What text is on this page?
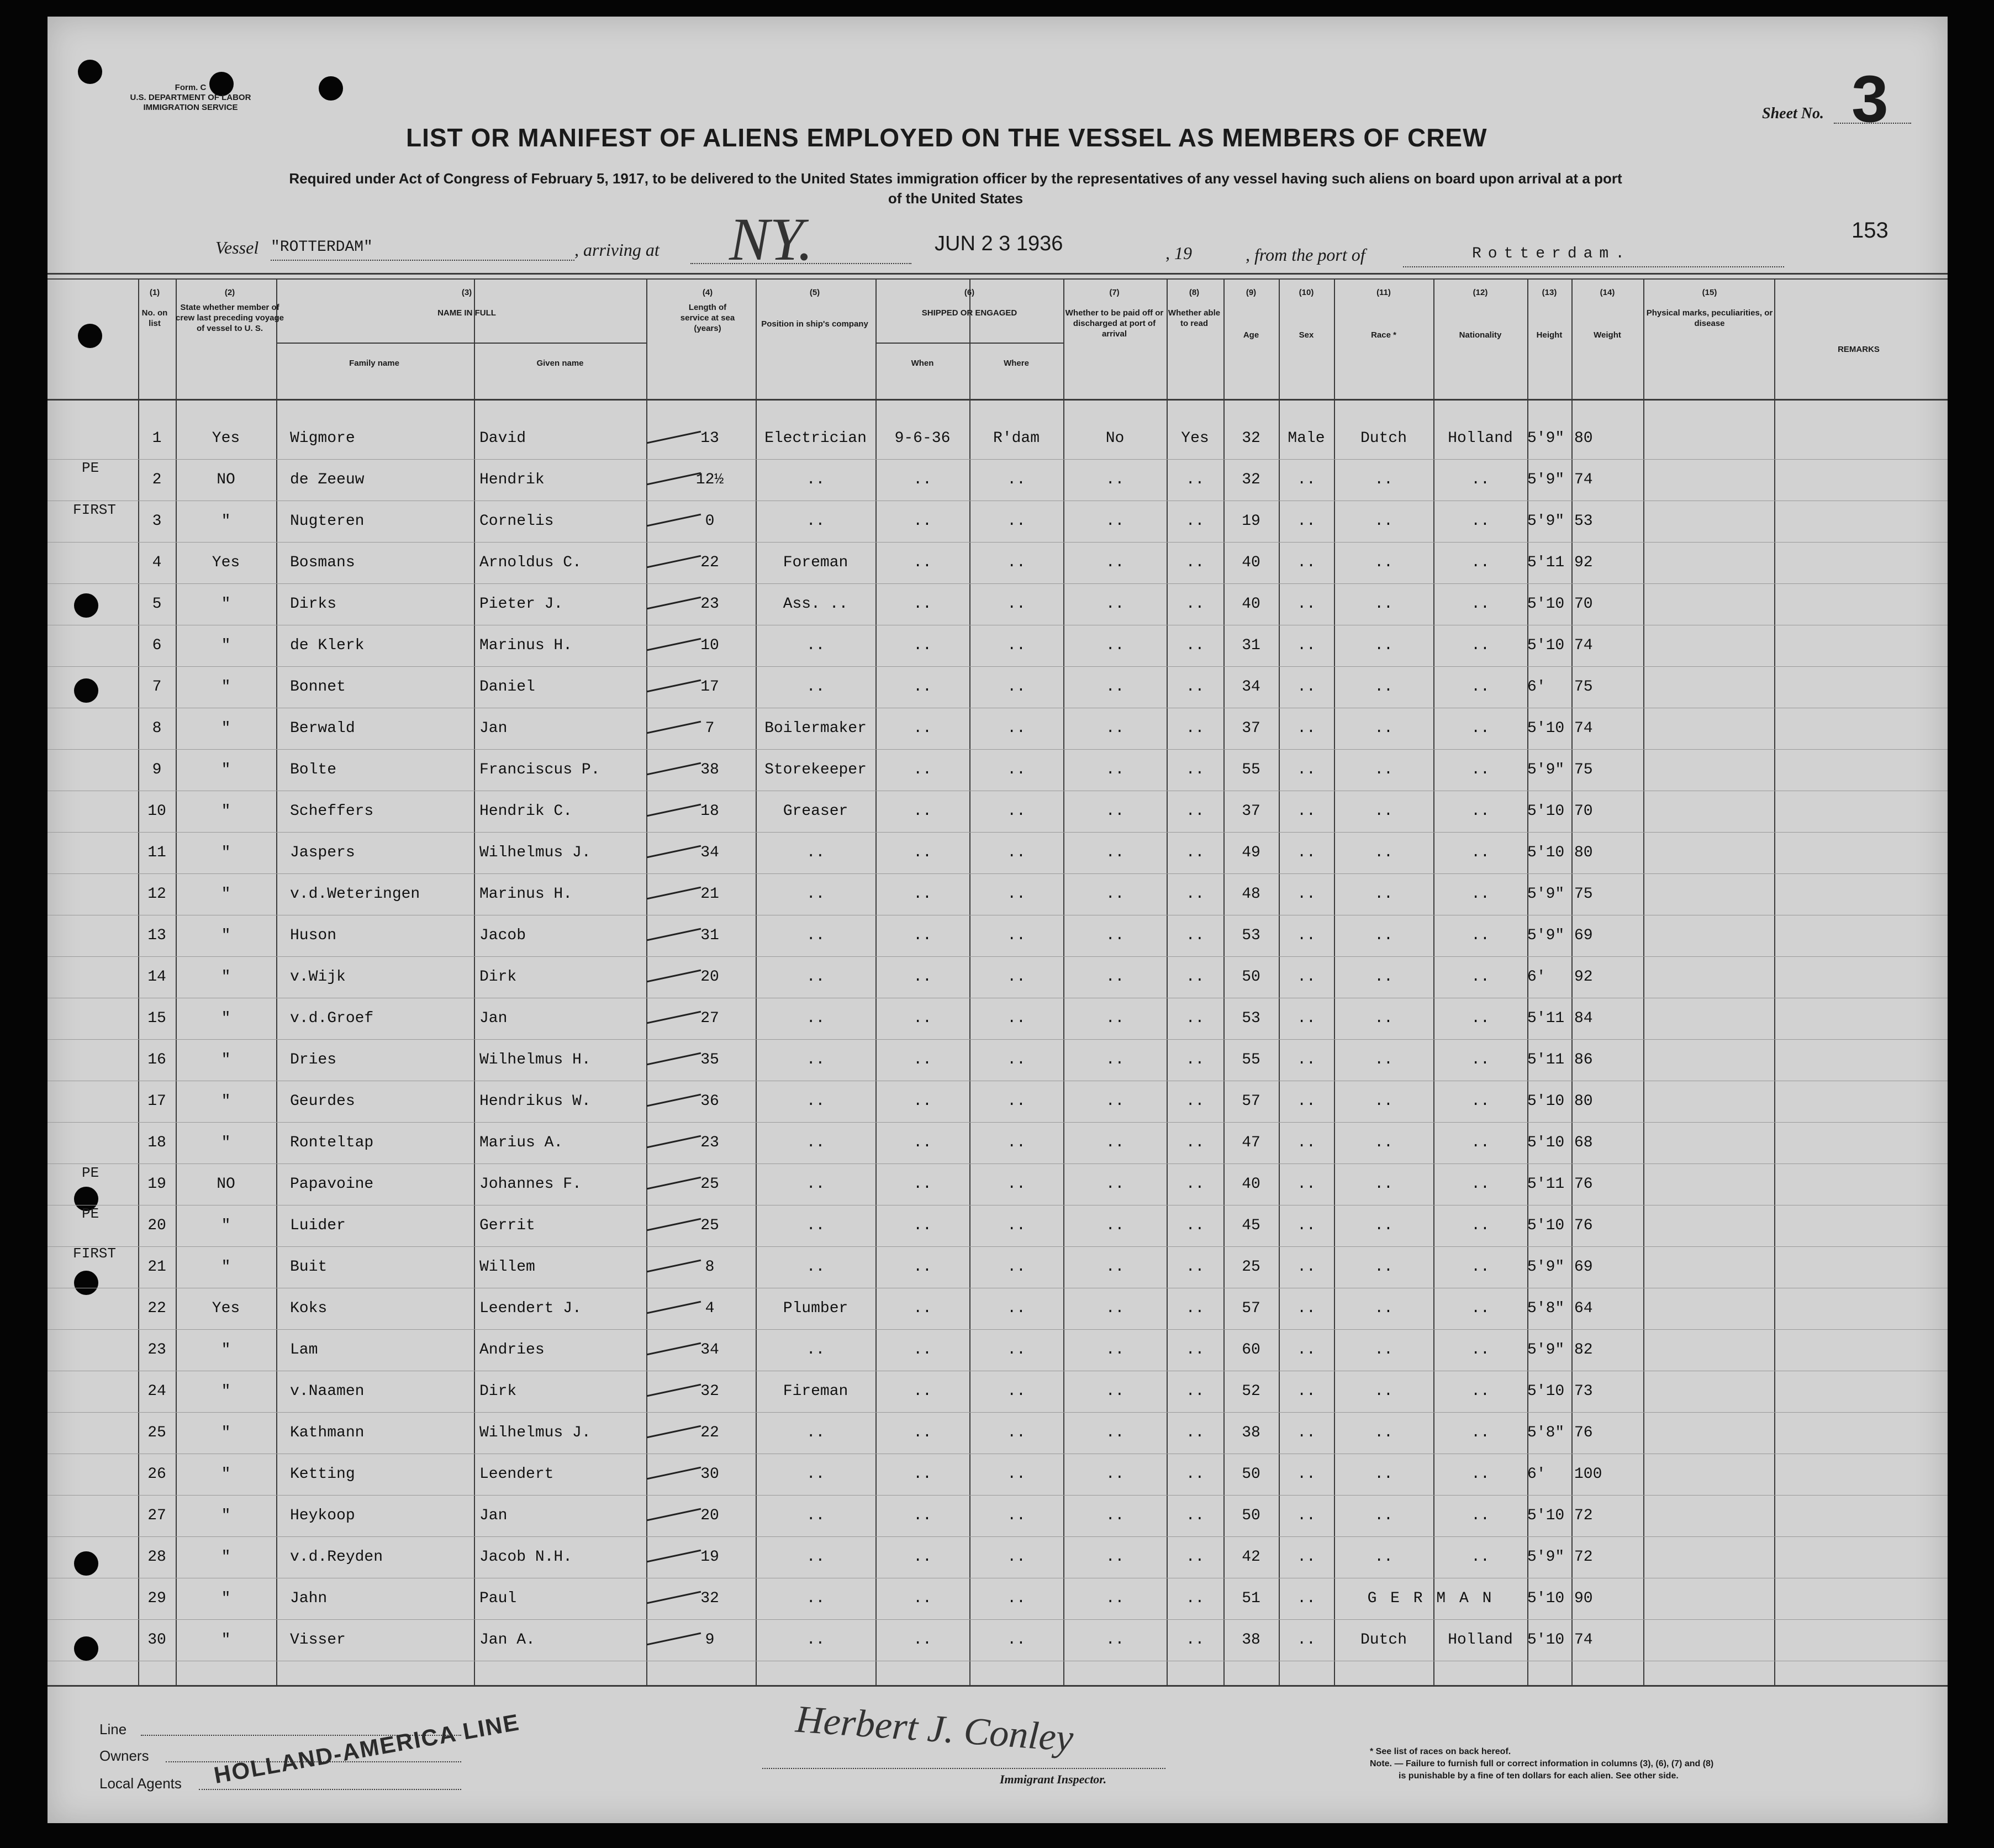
Form. C
U.S. DEPARTMENT OF LABOR
IMMIGRATION SERVICE
LIST OR MANIFEST OF ALIENS EMPLOYED ON THE VESSEL AS MEMBERS OF CREW
Sheet No. 3
Required under Act of Congress of February 5, 1917, to be delivered to the United States immigration officer by the representatives of any vessel having such aliens on board upon arrival at a port
of the United States
153
Vessel "ROTTERDAM"	, arriving at NY.	JUN 2 3 1936	, 19	, from the port of	Rotterdam.
(1)
No. on list
(2)
State whether member of crew last preceding voyage of vessel to U. S.
(3)
NAME IN FULL
Family name	Given name
(4)
Length of service at sea (years)
(5)
Position in ship's company
(6)
SHIPPED OR ENGAGED
When	Where
(7)
Whether to be paid off or discharged at port of arrival
(8)
Whether able to read
(9)
Age
(10)
Sex
(11)
Race *
(12)
Nationality
(13)
Height
(14)
Weight
(15)
Physical marks, peculiarities, or disease
REMARKS
PE
FIRST
PE
PE
FIRST
1	Yes	Wigmore	David	13	Electrician	9-6-36	R'dam	No	Yes	32	Male	Dutch	Holland 5'9" 80
2	NO	de Zeeuw	Hendrik	12½	..	..	..	..	..	32	..	..	..	5'9" 74
3	"	Nugteren	Cornelis	0	..	..	..	..	..	19	..	..	..	5'9" 53
4	Yes	Bosmans	Arnoldus C.	22	Foreman	..	..	..	..	40	..	..	..	5'11 92
5	"	Dirks	Pieter J.	23	Ass. ..	..	..	..	..	40	..	..	..	5'10 70
6	"	de Klerk	Marinus H.	10	..	..	..	..	..	31	..	..	..	5'10 74
7	"	Bonnet	Daniel	17	..	..	..	..	..	34	..	..	..	6'	75
8	"	Berwald	Jan	7	Boilermaker	..	..	..	..	37	..	..	..	5'10 74
9	"	Bolte	Franciscus P.	38	Storekeeper	..	..	..	..	55	..	..	..	5'9" 75
10	"	Scheffers	Hendrik C.	18	Greaser	..	..	..	..	37	..	..	..	5'10 70
11	"	Jaspers	Wilhelmus J.	34	..	..	..	..	..	49	..	..	..	5'10 80
12	"	v.d.Weteringen	Marinus H.	21	..	..	..	..	..	48	..	..	..	5'9" 75
13	"	Huson	Jacob	31	..	..	..	..	..	53	..	..	..	5'9" 69
14	"	v.Wijk	Dirk	20	..	..	..	..	..	50	..	..	..	6'	92
15	"	v.d.Groef	Jan	27	..	..	..	..	..	53	..	..	..	5'11 84
16	"	Dries	Wilhelmus H.	35	..	..	..	..	..	55	..	..	..	5'11 86
17	"	Geurdes	Hendrikus W.	36	..	..	..	..	..	57	..	..	..	5'10 80
18	"	Ronteltap	Marius A.	23	..	..	..	..	..	47	..	..	..	5'10 68
19	NO	Papavoine	Johannes F.	25	..	..	..	..	..	40	..	..	..	5'11 76
20	"	Luider	Gerrit	25	..	..	..	..	..	45	..	..	..	5'10 76
21	"	Buit	Willem	8	..	..	..	..	..	25	..	..	..	5'9" 69
22	Yes	Koks	Leendert J.	4	Plumber	..	..	..	..	57	..	..	..	5'8" 64
23	"	Lam	Andries	34	..	..	..	..	..	60	..	..	..	5'9" 82
24	"	v.Naamen	Dirk	32	Fireman	..	..	..	..	52	..	..	..	5'10 73
25	"	Kathmann	Wilhelmus J.	22	..	..	..	..	..	38	..	..	..	5'8" 76
26	"	Ketting	Leendert	30	..	..	..	..	..	50	..	..	..	6'	100
27	"	Heykoop	Jan	20	..	..	..	..	..	50	..	..	..	5'10 72
28	"	v.d.Reyden	Jacob N.H.	19	..	..	..	..	..	42	..	..	..	5'9" 72
29	"	Jahn	Paul	32	..	..	..	..	..	51	..	G E R M A N	5'10 90
30	"	Visser	Jan A.	9	..	..	..	..	..	38	..	Dutch	Holland 5'10 74
Line
Owners
Local Agents HOLLAND-AMERICA LINE	Herbert J. Conley
Immigrant Inspector.
* See list of races on back hereof.
Note. — Failure to furnish full or correct information in columns (3), (6), (7) and (8)
is punishable by a fine of ten dollars for each alien. See other side.
